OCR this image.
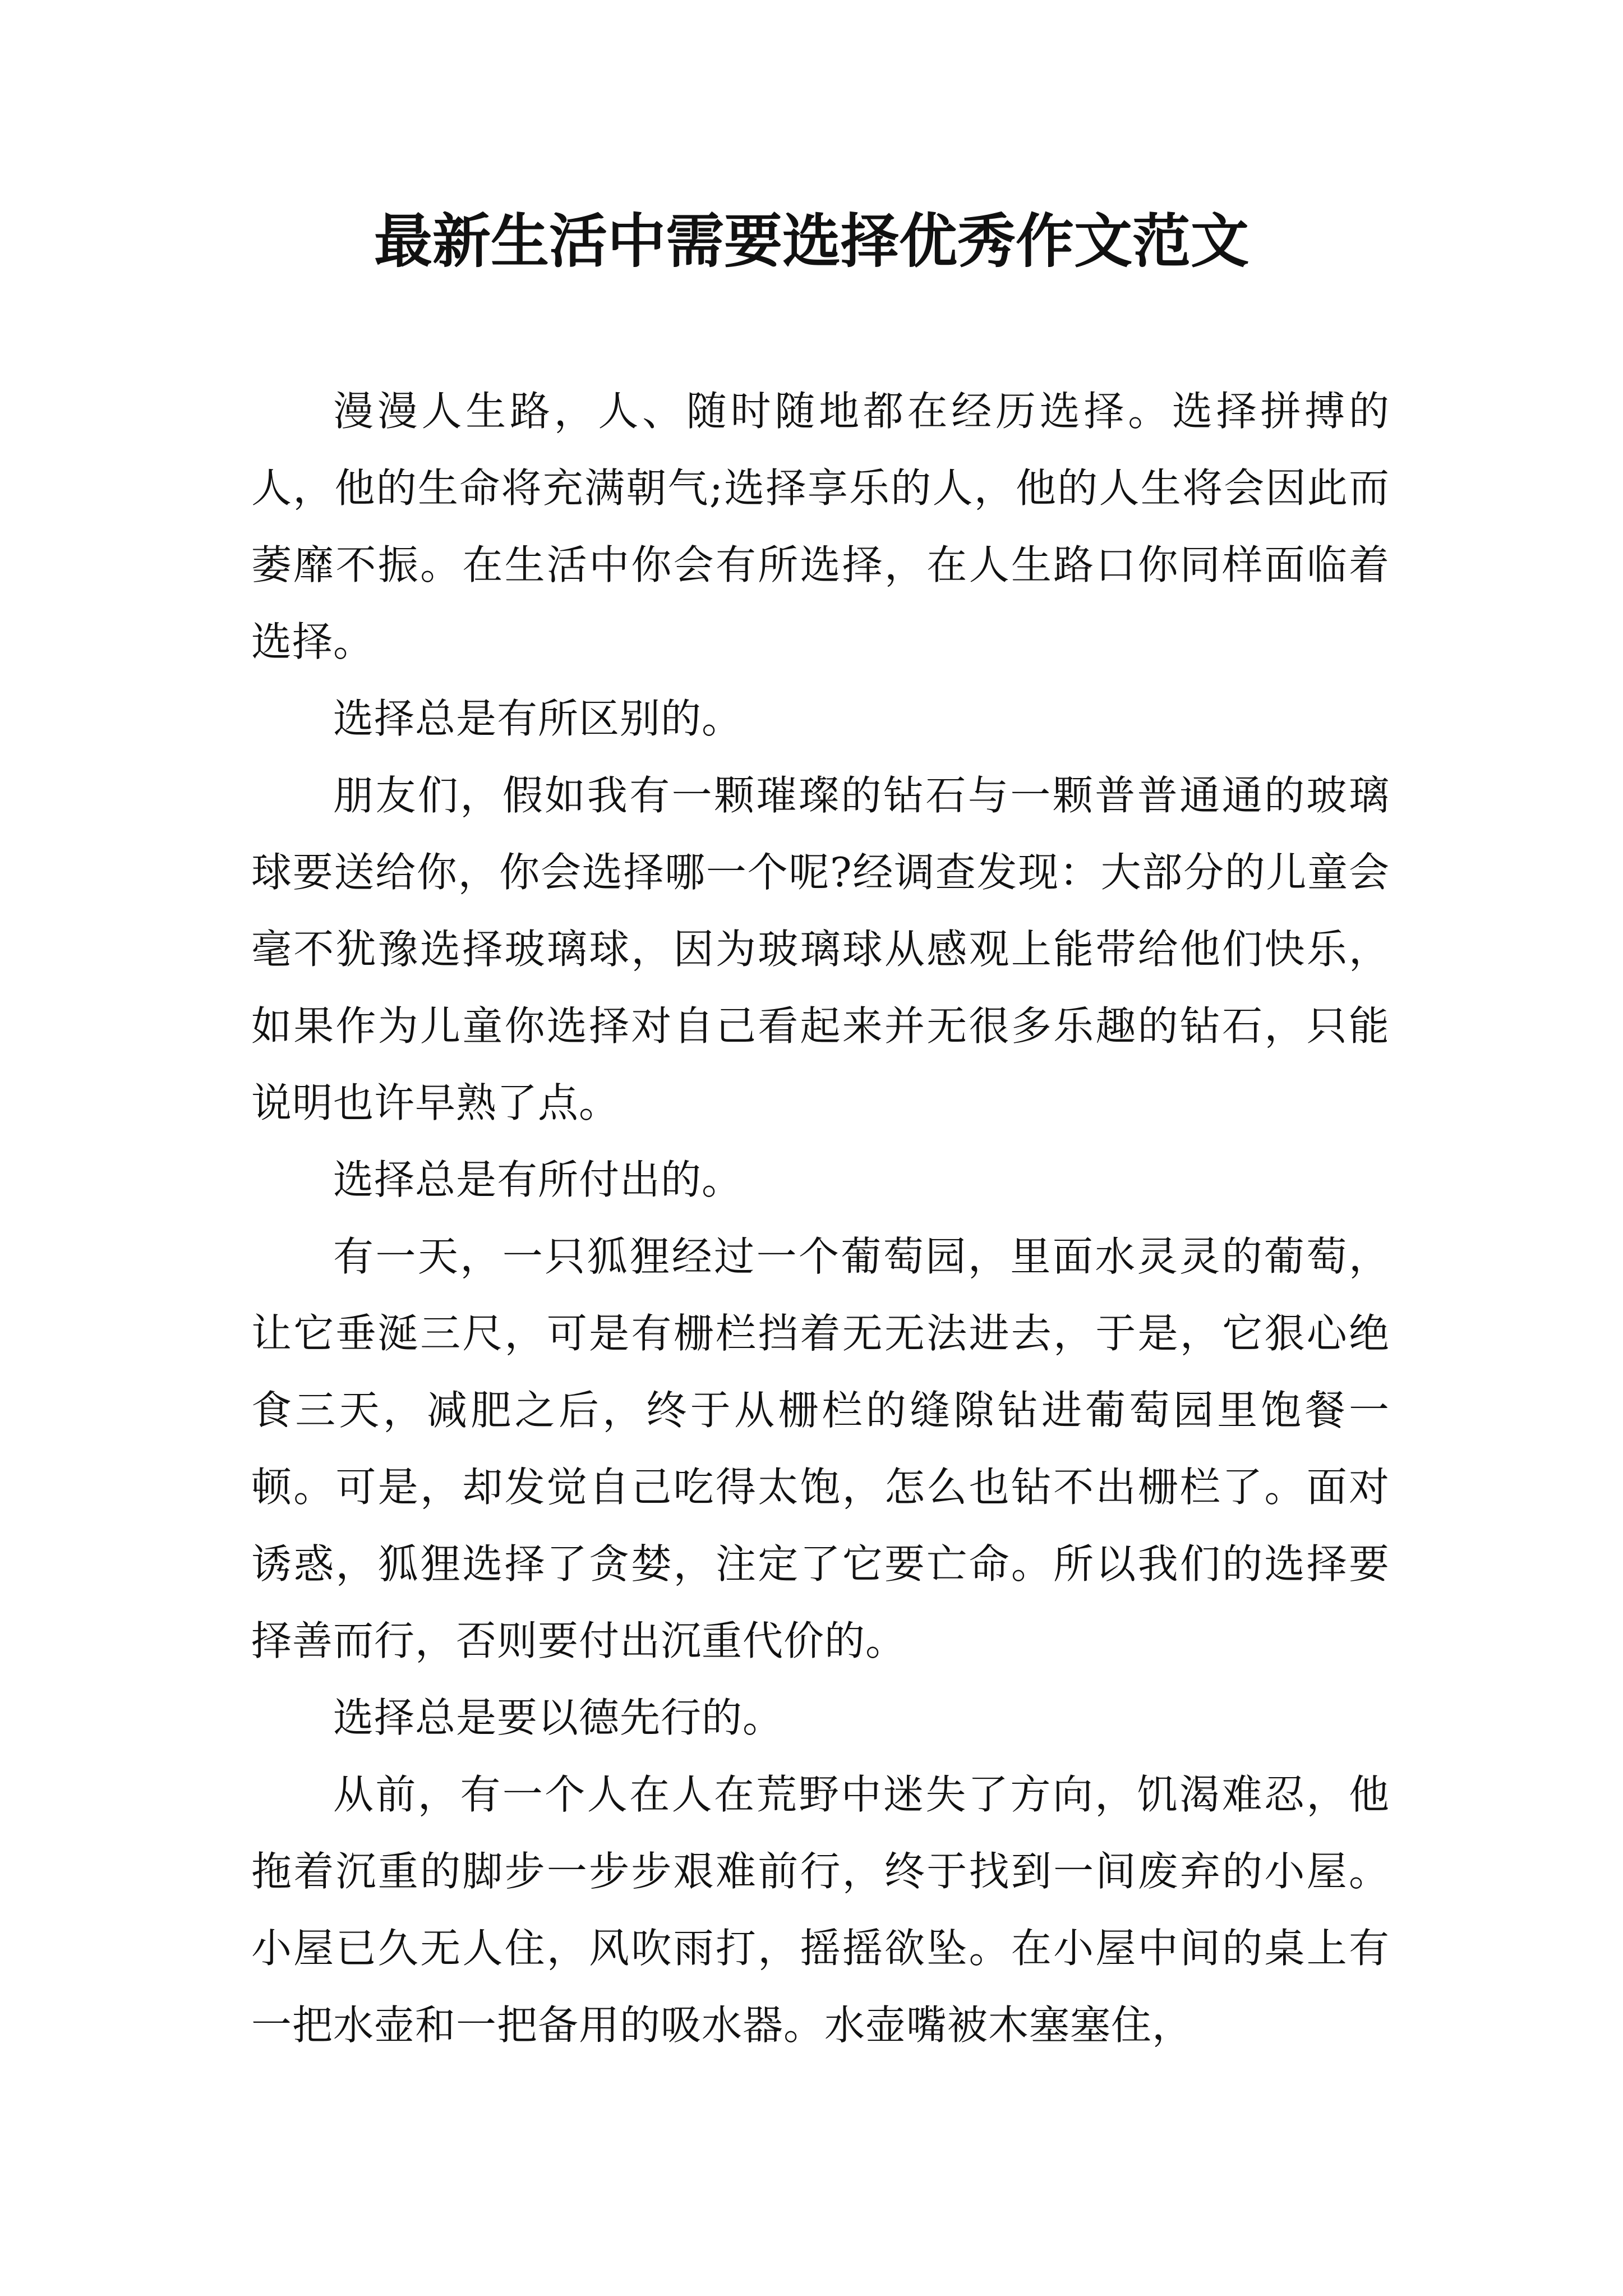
最新生活中需要选择优秀作文范文

漫漫人生路，人、随时随地都在经历选择。选择拼搏的人，他的生命将充满朝气;选择享乐的人，他的人生将会因此而萎靡不振。在生活中你会有所选择，在人生路口你同样面临着选择。

选择总是有所区别的。

朋友们，假如我有一颗璀璨的钻石与一颗普普通通的玻璃球要送给你，你会选择哪一个呢?经调查发现：大部分的儿童会毫不犹豫选择玻璃球，因为玻璃球从感观上能带给他们快乐，如果作为儿童你选择对自己看起来并无很多乐趣的钻石，只能说明也许早熟了点。

选择总是有所付出的。

有一天，一只狐狸经过一个葡萄园，里面水灵灵的葡萄，让它垂涎三尺，可是有栅栏挡着无无法进去，于是，它狠心绝食三天，减肥之后，终于从栅栏的缝隙钻进葡萄园里饱餐一顿。可是，却发觉自己吃得太饱，怎么也钻不出栅栏了。面对诱惑，狐狸选择了贪婪，注定了它要亡命。所以我们的选择要择善而行，否则要付出沉重代价的。

选择总是要以德先行的。

从前，有一个人在人在荒野中迷失了方向，饥渴难忍，他拖着沉重的脚步一步步艰难前行，终于找到一间废弃的小屋。小屋已久无人住，风吹雨打，摇摇欲坠。在小屋中间的桌上有一把水壶和一把备用的吸水器。水壶嘴被木塞塞住，
